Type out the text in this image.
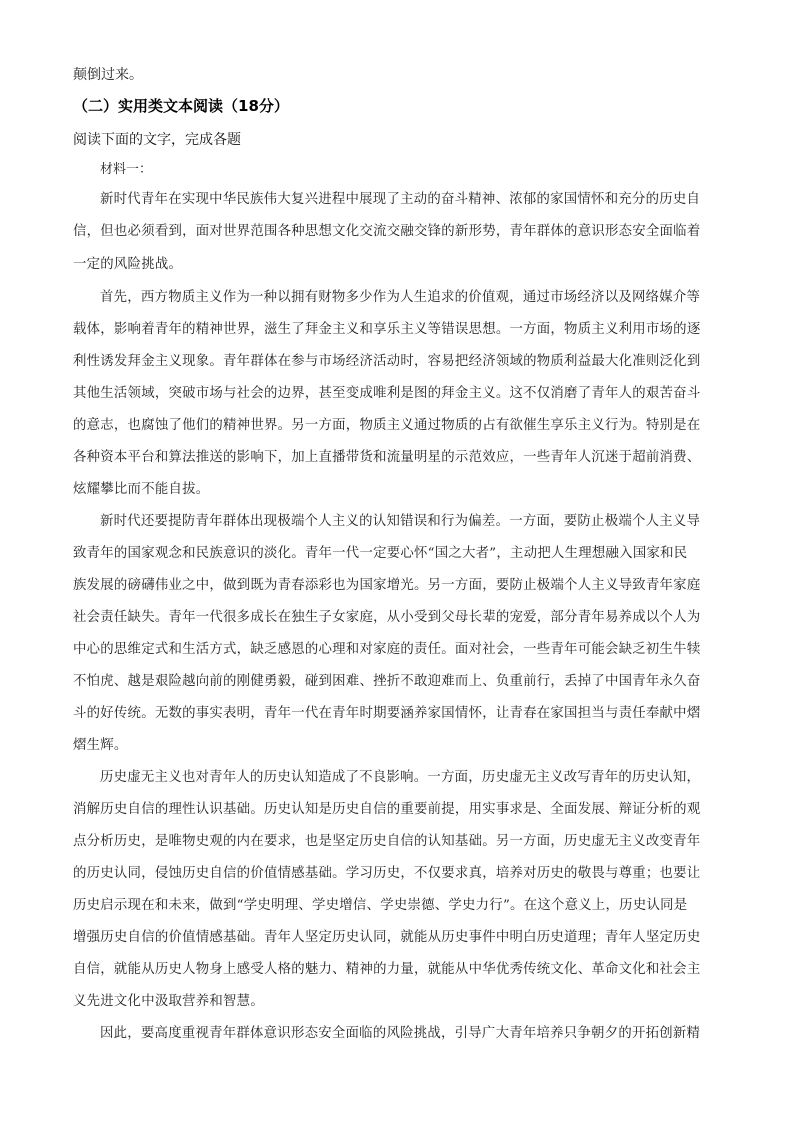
颠倒过来。
（二）实用类文本阅读（18分）
阅读下面的文字，完成各题
材料一：
新时代青年在实现中华民族伟大复兴进程中展现了主动的奋斗精神、浓郁的家国情怀和充分的历史自
信，但也必须看到，面对世界范围各种思想文化交流交融交锋的新形势，青年群体的意识形态安全面临着
一定的风险挑战。
首先，西方物质主义作为一种以拥有财物多少作为人生追求的价值观，通过市场经济以及网络媒介等
载体，影响着青年的精神世界，滋生了拜金主义和享乐主义等错误思想。一方面，物质主义利用市场的逐
利性诱发拜金主义现象。青年群体在参与市场经济活动时，容易把经济领域的物质利益最大化准则泛化到
其他生活领域，突破市场与社会的边界，甚至变成唯利是图的拜金主义。这不仅消磨了青年人的艰苦奋斗
的意志，也腐蚀了他们的精神世界。另一方面，物质主义通过物质的占有欲催生享乐主义行为。特别是在
各种资本平台和算法推送的影响下，加上直播带货和流量明星的示范效应，一些青年人沉迷于超前消费、
炫耀攀比而不能自拔。
新时代还要提防青年群体出现极端个人主义的认知错误和行为偏差。一方面，要防止极端个人主义导
致青年的国家观念和民族意识的淡化。青年一代一定要心怀“国之大者”，主动把人生理想融入国家和民
族发展的磅礴伟业之中，做到既为青春添彩也为国家增光。另一方面，要防止极端个人主义导致青年家庭
社会责任缺失。青年一代很多成长在独生子女家庭，从小受到父母长辈的宠爱，部分青年易养成以个人为
中心的思维定式和生活方式，缺乏感恩的心理和对家庭的责任。面对社会，一些青年可能会缺乏初生牛犊
不怕虎、越是艰险越向前的刚健勇毅，碰到困难、挫折不敢迎难而上、负重前行，丢掉了中国青年永久奋
斗的好传统。无数的事实表明，青年一代在青年时期要涵养家国情怀，让青春在家国担当与责任奉献中熠
熠生辉。
历史虚无主义也对青年人的历史认知造成了不良影响。一方面，历史虚无主义改写青年的历史认知，
消解历史自信的理性认识基础。历史认知是历史自信的重要前提，用实事求是、全面发展、辩证分析的观
点分析历史，是唯物史观的内在要求，也是坚定历史自信的认知基础。另一方面，历史虚无主义改变青年
的历史认同，侵蚀历史自信的价值情感基础。学习历史，不仅要求真，培养对历史的敬畏与尊重；也要让
历史启示现在和未来，做到“学史明理、学史增信、学史崇德、学史力行”。在这个意义上，历史认同是
增强历史自信的价值情感基础。青年人坚定历史认同，就能从历史事件中明白历史道理；青年人坚定历史
自信，就能从历史人物身上感受人格的魅力、精神的力量，就能从中华优秀传统文化、革命文化和社会主
义先进文化中汲取营养和智慧。
因此，要高度重视青年群体意识形态安全面临的风险挑战，引导广大青年培养只争朝夕的开拓创新精
